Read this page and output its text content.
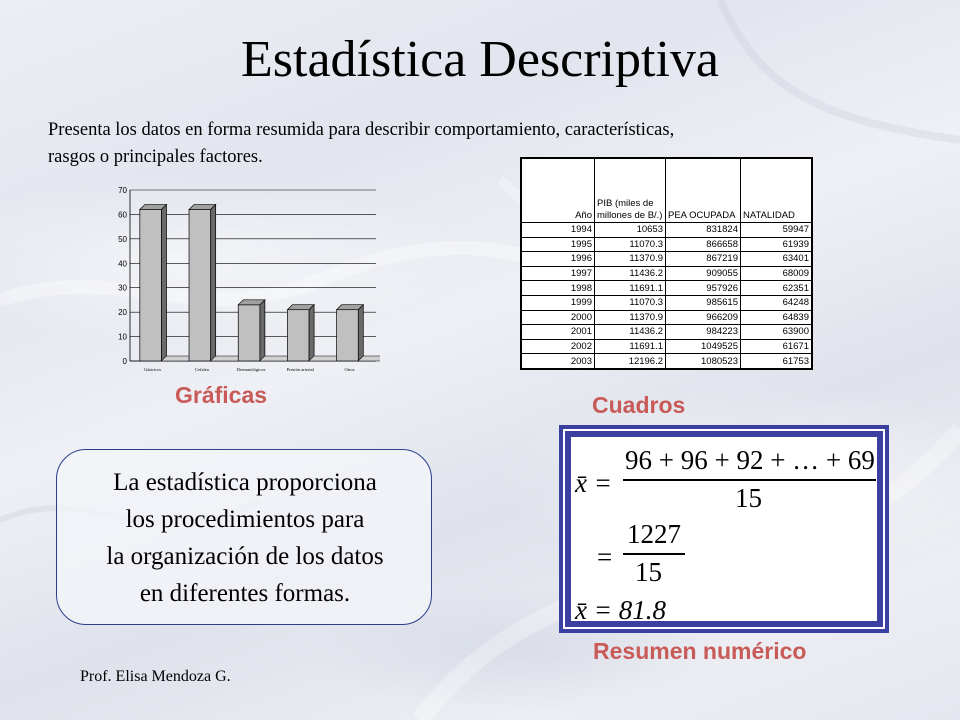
Estadística Descriptiva
Presenta los datos en forma resumida para describir comportamiento, características,
rasgos o principales factores.
0
10
20
30
40
50
60
70
Gástricos	Cefalea	Dermatológicos	Presión arterial	Otros
Gráficas
Año	PIB (miles de millones de B/.)	PEA OCUPADA	NATALIDAD
1994	10653	831824	59947
1995	11070.3	866658	61939
1996	11370.9	867219	63401
1997	11436.2	909055	68009
1998	11691.1	957926	62351
1999	11070.3	985615	64248
2000	11370.9	966209	64839
2001	11436.2	984223	63900
2002	11691.1	1049525	61671
2003	12196.2	1080523	61753
Cuadros
La estadística proporciona
los procedimientos para
la organización de los datos
en diferentes formas.
x̄ =
96 + 96 + 92 + … + 69
15
=
1227
15
x̄ = 81.8
Resumen numérico
Prof. Elisa Mendoza G.
